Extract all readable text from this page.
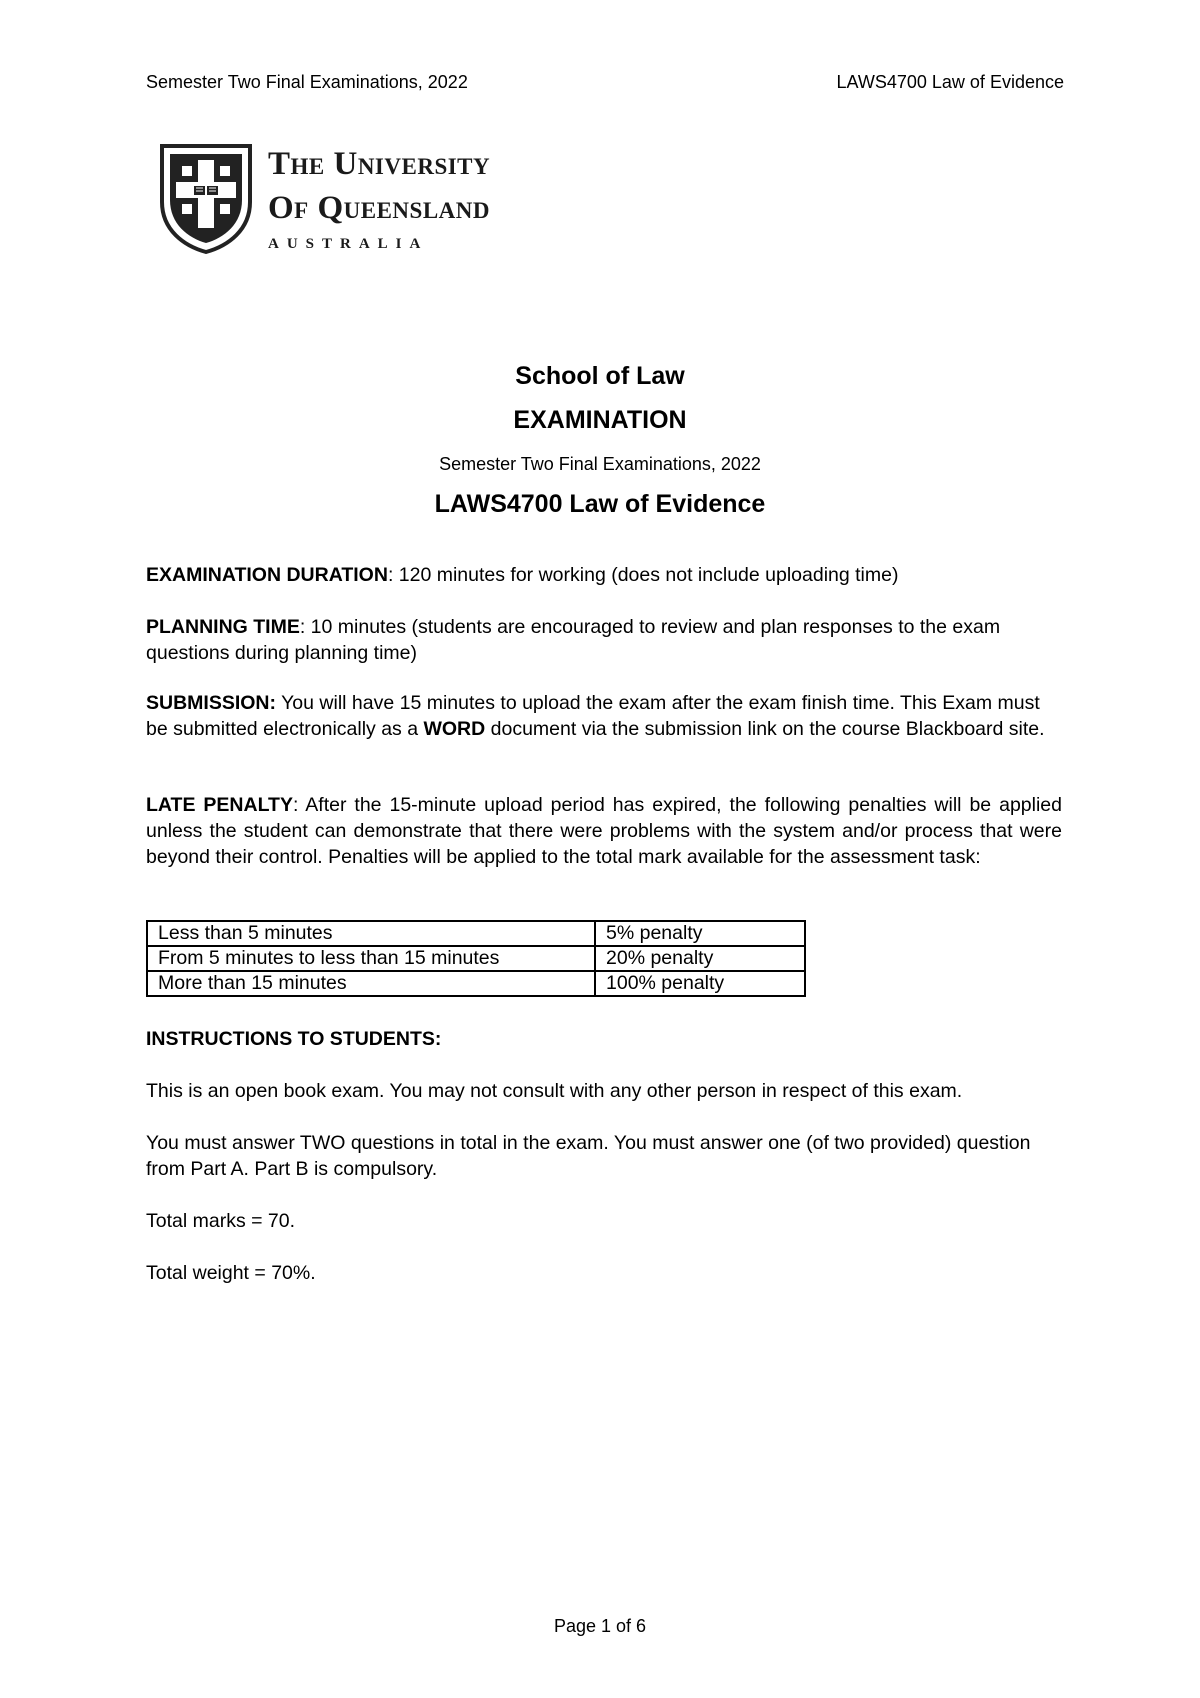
Semester Two Final Examinations, 2022	LAWS4700 Law of Evidence
The University
Of Queensland
AUSTRALIA
School of Law
EXAMINATION
Semester Two Final Examinations, 2022
LAWS4700 Law of Evidence
EXAMINATION DURATION: 120 minutes for working (does not include uploading time)
PLANNING TIME: 10 minutes (students are encouraged to review and plan responses to the exam questions during planning time)
SUBMISSION: You will have 15 minutes to upload the exam after the exam finish time. This Exam must be submitted electronically as a WORD document via the submission link on the course Blackboard site.
LATE PENALTY: After the 15-minute upload period has expired, the following penalties will be applied unless the student can demonstrate that there were problems with the system and/or process that were beyond their control. Penalties will be applied to the total mark available for the assessment task:
Less than 5 minutes	5% penalty
From 5 minutes to less than 15 minutes	20% penalty
More than 15 minutes	100% penalty
INSTRUCTIONS TO STUDENTS:
This is an open book exam. You may not consult with any other person in respect of this exam.
You must answer TWO questions in total in the exam. You must answer one (of two provided) question from Part A. Part B is compulsory.
Total marks = 70.
Total weight = 70%.
Page 1 of 6
